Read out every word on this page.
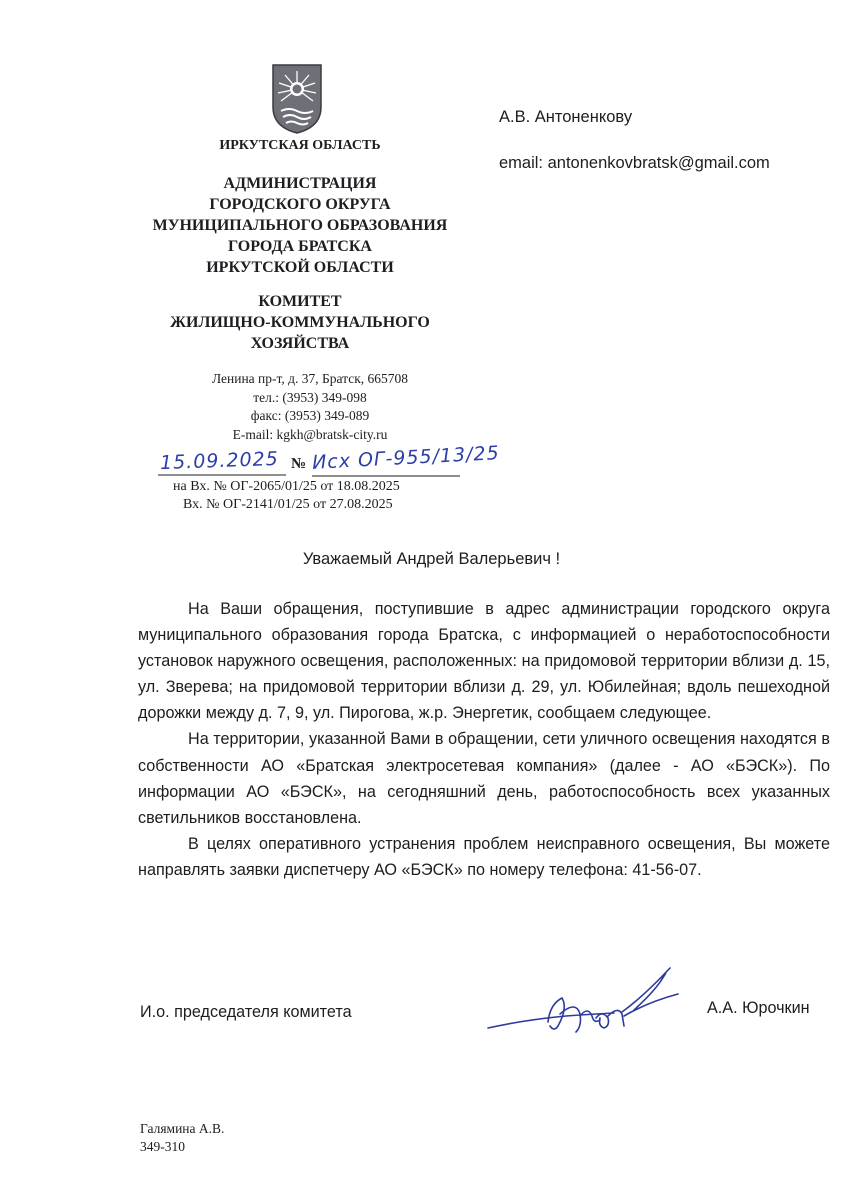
ИРКУТСКАЯ ОБЛАСТЬ
АДМИНИСТРАЦИЯ
ГОРОДСКОГО ОКРУГА
МУНИЦИПАЛЬНОГО ОБРАЗОВАНИЯ
ГОРОДА БРАТСКА
ИРКУТСКОЙ ОБЛАСТИ
КОМИТЕТ
ЖИЛИЩНО-КОММУНАЛЬНОГО
ХОЗЯЙСТВА
Ленина пр-т, д. 37, Братск, 665708
тел.: (3953) 349-098
факс: (3953) 349-089
E-mail: kgkh@bratsk-city.ru
А.В. Антоненкову
email: antonenkovbratsk@gmail.com
15.09.2025 № Исх ОГ-955/13/25
на Вх. № ОГ-2065/01/25 от 18.08.2025
Вх. № ОГ-2141/01/25 от 27.08.2025
Уважаемый Андрей Валерьевич !

На Ваши обращения, поступившие в адрес администрации городского округа муниципального образования города Братска, с информацией о неработоспособности установок наружного освещения, расположенных: на придомовой территории вблизи д. 15, ул. Зверева; на придомовой территории вблизи д. 29, ул. Юбилейная; вдоль пешеходной дорожки между д. 7, 9, ул. Пирогова, ж.р. Энергетик, сообщаем следующее.

На территории, указанной Вами в обращении, сети уличного освещения находятся в собственности АО «Братская электросетевая компания» (далее - АО «БЭСК»). По информации АО «БЭСК», на сегодняшний день, работоспособность всех указанных светильников восстановлена.

В целях оперативного устранения проблем неисправного освещения, Вы можете направлять заявки диспетчеру АО «БЭСК» по номеру телефона: 41-56-07.

И.о. председателя комитета	А.А. Юрочкин
Галямина А.В.
349-310
